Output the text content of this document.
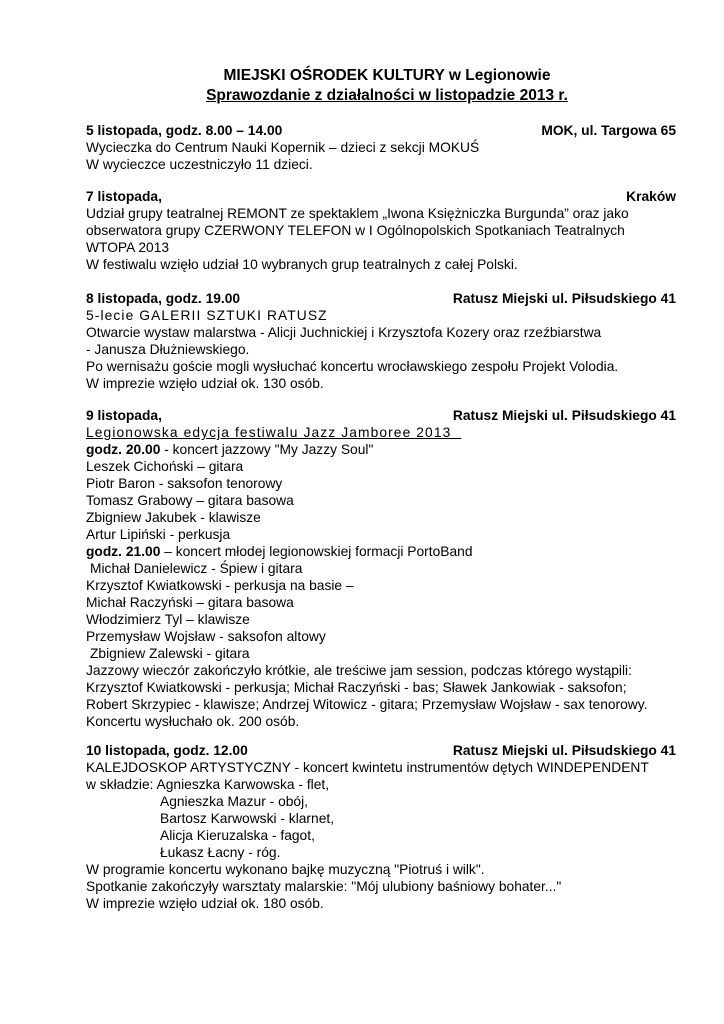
MIEJSKI OŚRODEK KULTURY w Legionowie
Sprawozdanie z działalności w listopadzie 2013 r.
5 listopada, godz. 8.00 – 14.00	MOK, ul. Targowa 65
Wycieczka do Centrum Nauki Kopernik – dzieci z sekcji MOKUŚ
W wycieczce uczestniczyło 11 dzieci.
7 listopada,	Kraków
Udział grupy teatralnej REMONT ze spektaklem „Iwona Księżniczka Burgunda” oraz jako
obserwatora grupy CZERWONY TELEFON w I Ogólnopolskich Spotkaniach Teatralnych
WTOPA 2013
W festiwalu wzięło udział 10 wybranych grup teatralnych z całej Polski.
8 listopada, godz. 19.00	Ratusz Miejski ul. Piłsudskiego 41
5-lecie GALERII SZTUKI RATUSZ
Otwarcie wystaw malarstwa - Alicji Juchnickiej i Krzysztofa Kozery oraz rzeźbiarstwa
- Janusza Dłużniewskiego.
Po wernisażu goście mogli wysłuchać koncertu wrocławskiego zespołu Projekt Volodia.
W imprezie wzięło udział ok. 130 osób.
9 listopada,	Ratusz Miejski ul. Piłsudskiego 41
Legionowska edycja festiwalu Jazz Jamboree 2013
godz. 20.00 - koncert jazzowy "My Jazzy Soul"
Leszek Cichoński – gitara
Piotr Baron - saksofon tenorowy
Tomasz Grabowy – gitara basowa
Zbigniew Jakubek - klawisze
Artur Lipiński - perkusja
godz. 21.00 – koncert młodej legionowskiej formacji PortoBand
Michał Danielewicz - Śpiew i gitara
Krzysztof Kwiatkowski - perkusja na basie –
Michał Raczyński – gitara basowa
Włodzimierz Tyl – klawisze
Przemysław Wojsław - saksofon altowy
Zbigniew Zalewski - gitara
Jazzowy wieczór zakończyło krótkie, ale treściwe jam session, podczas którego wystąpili:
Krzysztof Kwiatkowski - perkusja; Michał Raczyński - bas; Sławek Jankowiak - saksofon;
Robert Skrzypiec - klawisze; Andrzej Witowicz - gitara; Przemysław Wojsław - sax tenorowy.
Koncertu wysłuchało ok. 200 osób.
10 listopada, godz. 12.00	Ratusz Miejski ul. Piłsudskiego 41
KALEJDOSKOP ARTYSTYCZNY - koncert kwintetu instrumentów dętych WINDEPENDENT
w składzie: Agnieszka Karwowska - flet,
Agnieszka Mazur - obój,
Bartosz Karwowski - klarnet,
Alicja Kieruzalska - fagot,
Łukasz Łacny - róg.
W programie koncertu wykonano bajkę muzyczną "Piotruś i wilk".
Spotkanie zakończyły warsztaty malarskie: "Mój ulubiony baśniowy bohater..."
W imprezie wzięło udział ok. 180 osób.
